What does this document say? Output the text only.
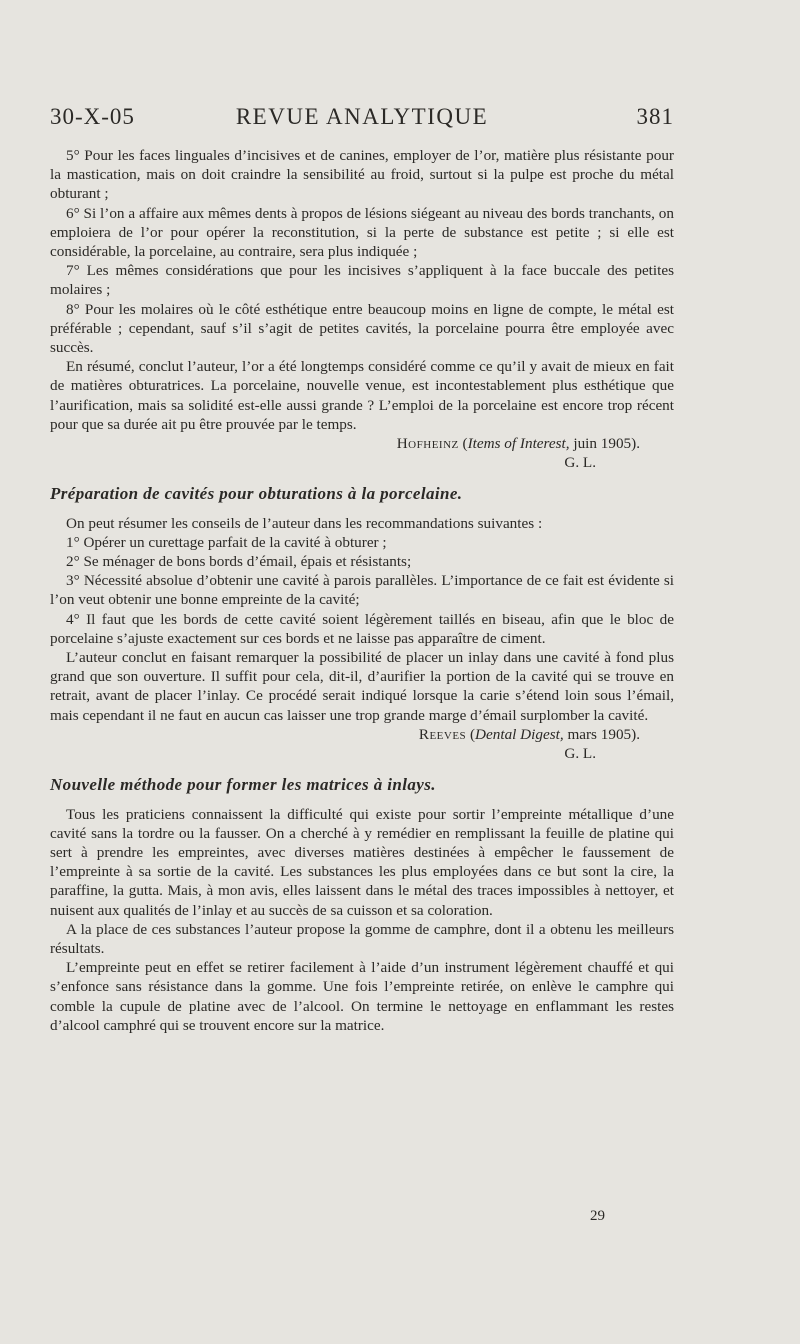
30-X-05	REVUE ANALYTIQUE	381

5° Pour les faces linguales d’incisives et de canines, employer de l’or, matière plus résistante pour la mastication, mais on doit craindre la sensibilité au froid, surtout si la pulpe est proche du métal obturant ;

6° Si l’on a affaire aux mêmes dents à propos de lésions siégeant au niveau des bords tranchants, on emploiera de l’or pour opérer la reconstitution, si la perte de substance est petite ; si elle est considérable, la porcelaine, au contraire, sera plus indiquée ;

7° Les mêmes considérations que pour les incisives s’appliquent à la face buccale des petites molaires ;

8° Pour les molaires où le côté esthétique entre beaucoup moins en ligne de compte, le métal est préférable ; cependant, sauf s’il s’agit de petites cavités, la porcelaine pourra être employée avec succès.

En résumé, conclut l’auteur, l’or a été longtemps considéré comme ce qu’il y avait de mieux en fait de matières obturatrices. La porcelaine, nouvelle venue, est incontestablement plus esthétique que l’aurification, mais sa solidité est-elle aussi grande ? L’emploi de la porcelaine est encore trop récent pour que sa durée ait pu être prouvée par le temps.

Hofheinz (Items of Interest, juin 1905).
G. L.
Préparation de cavités pour obturations à la porcelaine.

On peut résumer les conseils de l’auteur dans les recommandations suivantes :

1° Opérer un curettage parfait de la cavité à obturer ;

2° Se ménager de bons bords d’émail, épais et résistants;

3° Nécessité absolue d’obtenir une cavité à parois parallèles. L’importance de ce fait est évidente si l’on veut obtenir une bonne empreinte de la cavité;

4° Il faut que les bords de cette cavité soient légèrement taillés en biseau, afin que le bloc de porcelaine s’ajuste exactement sur ces bords et ne laisse pas apparaître de ciment.

L’auteur conclut en faisant remarquer la possibilité de placer un inlay dans une cavité à fond plus grand que son ouverture. Il suffit pour cela, dit-il, d’aurifier la portion de la cavité qui se trouve en retrait, avant de placer l’inlay. Ce procédé serait indiqué lorsque la carie s’étend loin sous l’émail, mais cependant il ne faut en aucun cas laisser une trop grande marge d’émail surplomber la cavité.

Reeves (Dental Digest, mars 1905).
G. L.
Nouvelle méthode pour former les matrices à inlays.

Tous les praticiens connaissent la difficulté qui existe pour sortir l’empreinte métallique d’une cavité sans la tordre ou la fausser. On a cherché à y remédier en remplissant la feuille de platine qui sert à prendre les empreintes, avec diverses matières destinées à empêcher le faussement de l’empreinte à sa sortie de la cavité. Les substances les plus employées dans ce but sont la cire, la paraffine, la gutta. Mais, à mon avis, elles laissent dans le métal des traces impossibles à nettoyer, et nuisent aux qualités de l’inlay et au succès de sa cuisson et sa coloration.

A la place de ces substances l’auteur propose la gomme de camphre, dont il a obtenu les meilleurs résultats.

L’empreinte peut en effet se retirer facilement à l’aide d’un instrument légèrement chauffé et qui s’enfonce sans résistance dans la gomme. Une fois l’empreinte retirée, on enlève le camphre qui comble la cupule de platine avec de l’alcool. On termine le nettoyage en enflammant les restes d’alcool camphré qui se trouvent encore sur la matrice.

29
